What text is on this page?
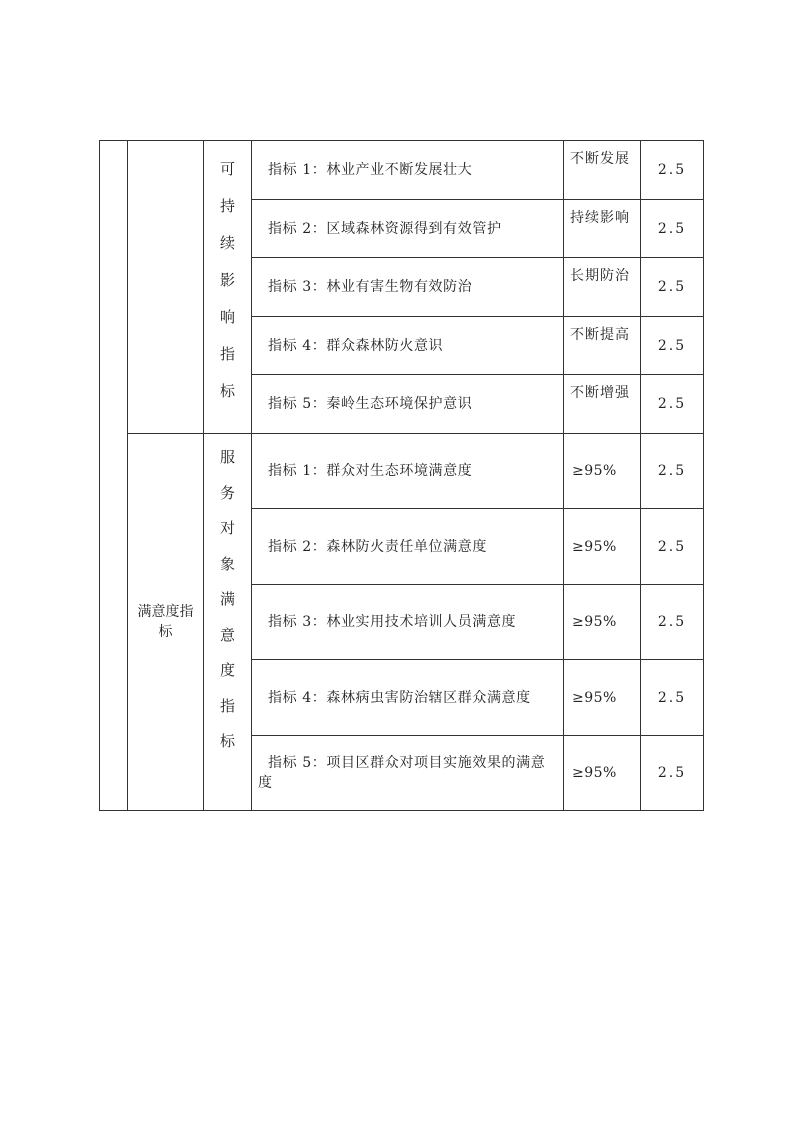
		可持续影响指标	指标 1：林业产业不断发展壮大	不断发展	2.5

			指标 2：区域森林资源得到有效管护	持续影响	2.5

			指标 3：林业有害生物有效防治	长期防治	2.5

			指标 4：群众森林防火意识	不断提高	2.5

			指标 5：秦岭生态环境保护意识	不断增强	2.5

	满意度指标	服务对象满意度指标	指标 1：群众对生态环境满意度	≥95%	2.5

			指标 2：森林防火责任单位满意度	≥95%	2.5

			指标 3：林业实用技术培训人员满意度	≥95%	2.5

			指标 4：森林病虫害防治辖区群众满意度	≥95%	2.5

			指标 5：项目区群众对项目实施效果的满意度	≥95%	2.5
